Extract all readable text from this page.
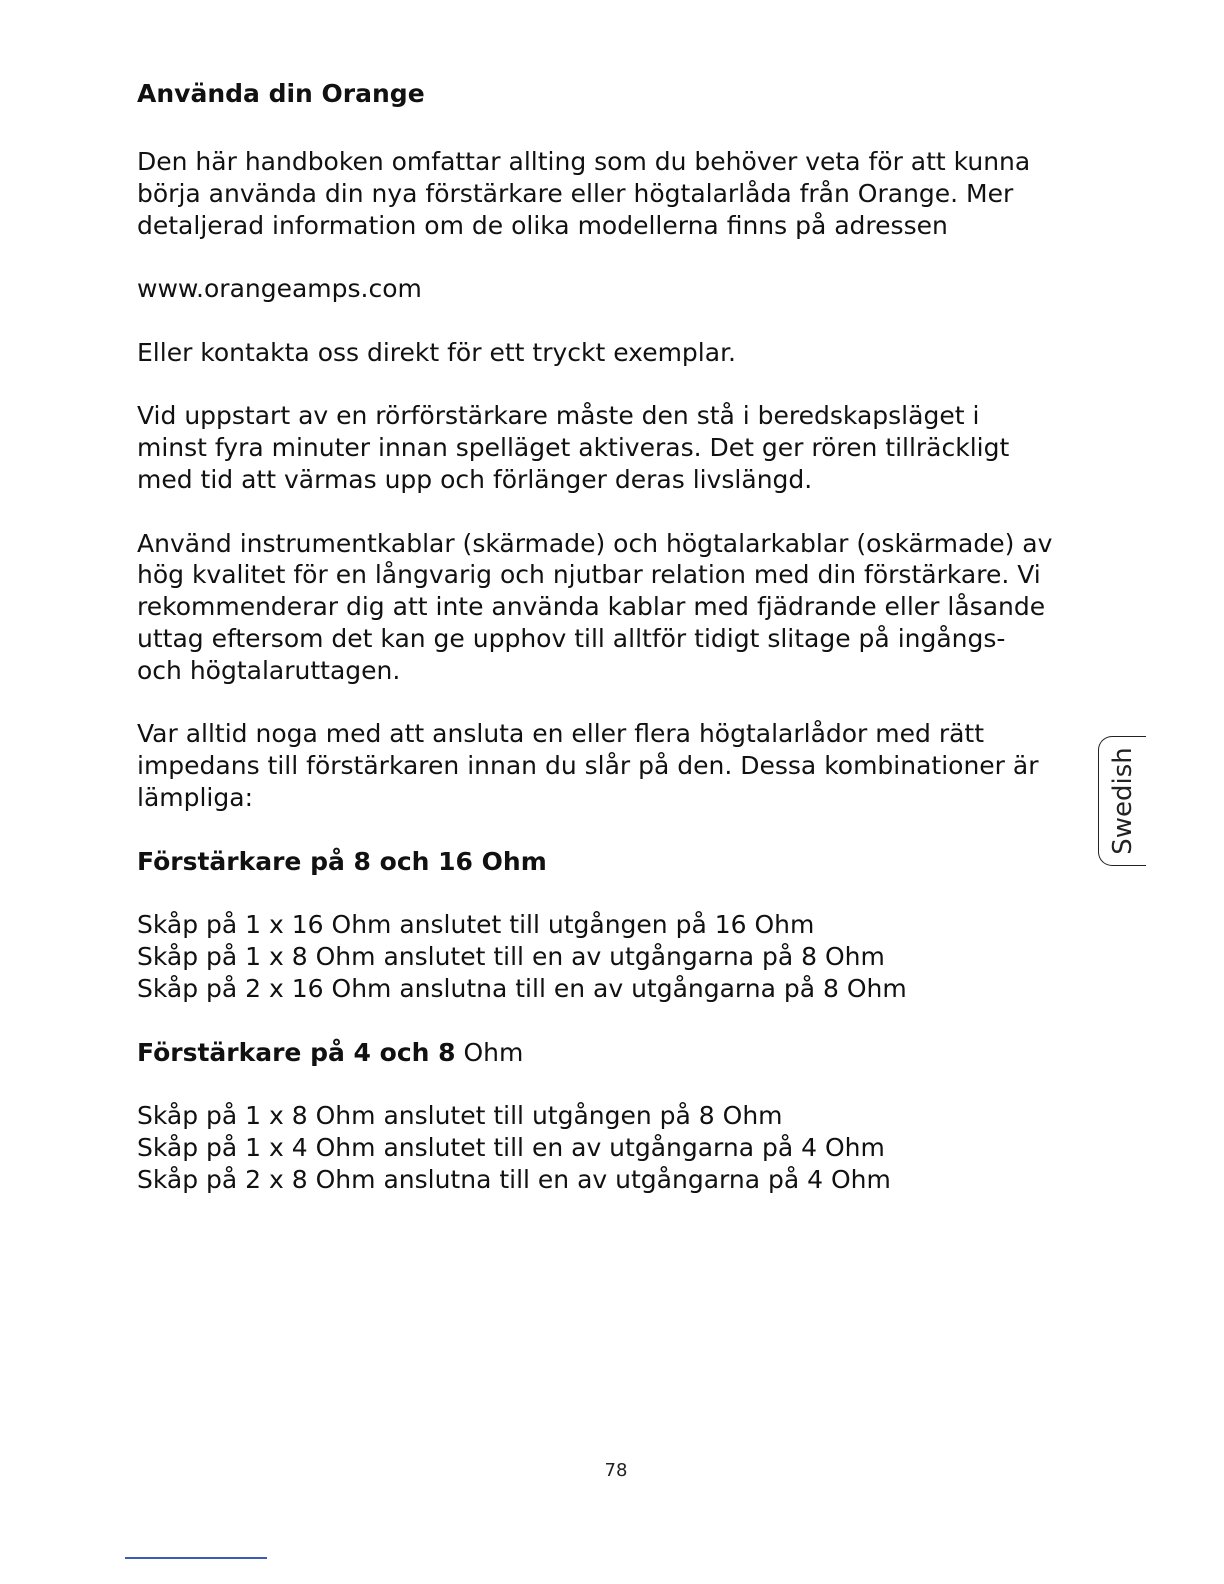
Använda din Orange

Den här handboken omfattar allting som du behöver veta för att kunna börja använda din nya förstärkare eller högtalarlåda från Orange. Mer detaljerad information om de olika modellerna finns på adressen

www.orangeamps.com

Eller kontakta oss direkt för ett tryckt exemplar.

Vid uppstart av en rörförstärkare måste den stå i beredskapsläget i minst fyra minuter innan spelläget aktiveras. Det ger rören tillräckligt med tid att värmas upp och förlänger deras livslängd.

Använd instrumentkablar (skärmade) och högtalarkablar (oskärmade) av hög kvalitet för en långvarig och njutbar relation med din förstärkare. Vi rekommenderar dig att inte använda kablar med fjädrande eller låsande uttag eftersom det kan ge upphov till alltför tidigt slitage på ingångs- och högtalaruttagen.

Var alltid noga med att ansluta en eller flera högtalarlådor med rätt impedans till förstärkaren innan du slår på den. Dessa kombinationer är lämpliga:

Förstärkare på 8 och 16 Ohm
Skåp på 1 x 16 Ohm anslutet till utgången på 16 Ohm
Skåp på 1 x 8 Ohm anslutet till en av utgångarna på 8 Ohm
Skåp på 2 x 16 Ohm anslutna till en av utgångarna på 8 Ohm
Förstärkare på 4 och 8 Ohm
Skåp på 1 x 8 Ohm anslutet till utgången på 8 Ohm
Skåp på 1 x 4 Ohm anslutet till en av utgångarna på 4 Ohm
Skåp på 2 x 8 Ohm anslutna till en av utgångarna på 4 Ohm
Swedish
78
